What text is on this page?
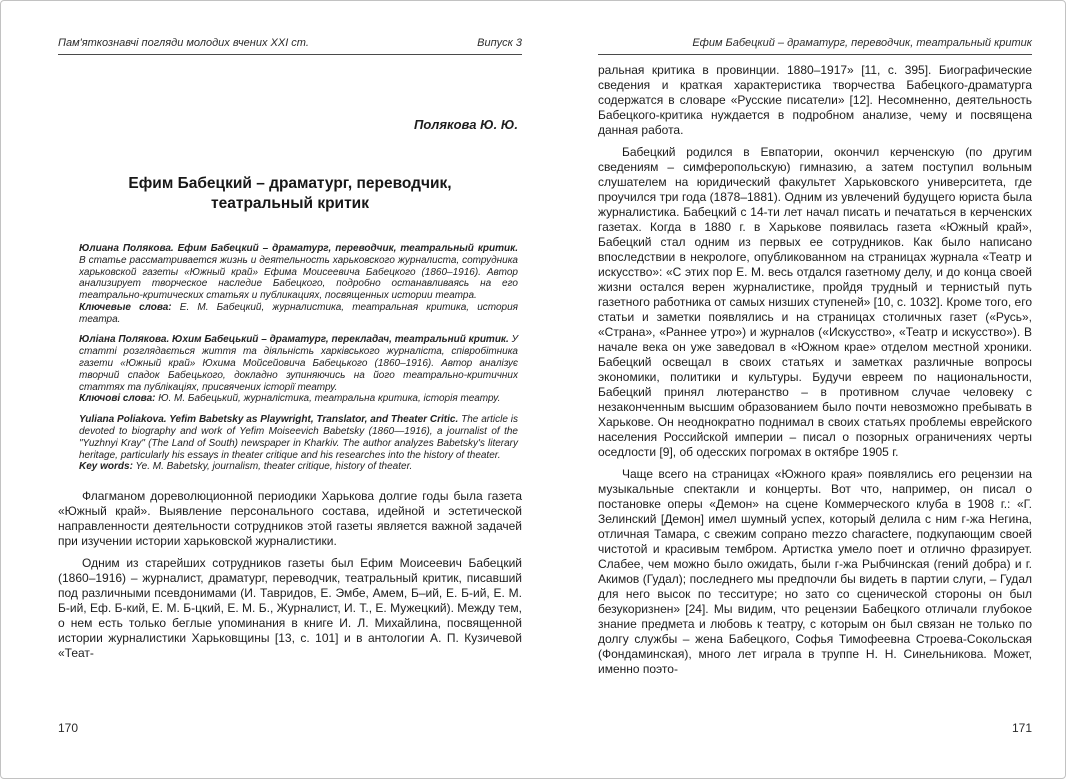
Пам'яткознавчі погляди молодих вчених XXI ст.	Випуск 3
Полякова Ю. Ю.
Ефим Бабецкий – драматург, переводчик, театральный критик

Юлиана Полякова. Ефим Бабецкий – драматург, переводчик, театральный критик. В статье рассматривается жизнь и деятельность харьковского журналиста, сотрудника харьковской газеты «Южный край» Ефима Моисеевича Бабецкого (1860–1916). Автор анализирует творческое наследие Бабецкого, подробно останавливаясь на его театрально-критических статьях и публикациях, посвященных истории театра.

Ключевые слова: Е. М. Бабецкий, журналистика, театральная критика, история театра.

Юліана Полякова. Юхим Бабецький – драматург, перекладач, театральний критик. У статті розглядається життя та діяльність харківського журналіста, співробітника газети «Южный край» Юхима Мойсейовича Бабецького (1860–1916). Автор аналізує творчий спадок Бабецького, докладно зупиняючись на його театрально-критичних статтях та публікаціях, присвячених історії театру.

Ключові слова: Ю. М. Бабецький, журналістика, театральна критика, історія театру.

Yuliana Poliakova. Yefim Babetsky as Playwright, Translator, and Theater Critic. The article is devoted to biography and work of Yefim Moiseevich Babetsky (1860—1916), a journalist of the "Yuzhnyi Kray" (The Land of South) newspaper in Kharkiv. The author analyzes Babetsky's literary heritage, particularly his essays in theater critique and his researches into the history of theater.

Key words: Ye. M. Babetsky, journalism, theater critique, history of theater.

Флагманом дореволюционной периодики Харькова долгие годы была газета «Южный край». Выявление персонального состава, идейной и эстетической направленности деятельности сотрудников этой газеты является важной задачей при изучении истории харьковской журналистики.

Одним из старейших сотрудников газеты был Ефим Моисеевич Бабецкий (1860–1916) – журналист, драматург, переводчик, театральный критик, писавший под различными псевдонимами (И. Тавридов, Е. Эмбе, Амем, Б–ий, Е. Б-ий, Е. М. Б-ий, Еф. Б-кий, Е. М. Б-цкий, Е. М. Б., Журналист, И. Т., Е. Мужецкий). Между тем, о нем есть только беглые упоминания в книге И. Л. Михайлина, посвященной истории журналистики Харьковщины [13, с. 101] и в антологии А. П. Кузичевой «Теат-

Ефим Бабецкий – драматург, переводчик, театральный критик

ральная критика в провинции. 1880–1917» [11, с. 395]. Биографические сведения и краткая характеристика творчества Бабецкого-драматурга содержатся в словаре «Русские писатели» [12]. Несомненно, деятельность Бабецкого-критика нуждается в подробном анализе, чему и посвящена данная работа.

Бабецкий родился в Евпатории, окончил керченскую (по другим сведениям – симферопольскую) гимназию, а затем поступил вольным слушателем на юридический факультет Харьковского университета, где проучился три года (1878–1881). Одним из увлечений будущего юриста была журналистика. Бабецкий с 14-ти лет начал писать и печататься в керченских газетах. Когда в 1880 г. в Харькове появилась газета «Южный край», Бабецкий стал одним из первых ее сотрудников. Как было написано впоследствии в некрологе, опубликованном на страницах журнала «Театр и искусство»: «С этих пор Е. М. весь отдался газетному делу, и до конца своей жизни остался верен журналистике, пройдя трудный и тернистый путь газетного работника от самых низших ступеней» [10, с. 1032]. Кроме того, его статьи и заметки появлялись и на страницах столичных газет («Русь», «Страна», «Раннее утро») и журналов («Искусство», «Театр и искусство»). В начале века он уже заведовал в «Южном крае» отделом местной хроники. Бабецкий освещал в своих статьях и заметках различные вопросы экономики, политики и культуры. Будучи евреем по национальности, Бабецкий принял лютеранство – в противном случае человеку с незаконченным высшим образованием было почти невозможно пребывать в Харькове. Он неоднократно поднимал в своих статьях проблемы еврейского населения Российской империи – писал о позорных ограничениях черты оседлости [9], об одесских погромах в октябре 1905 г.

Чаще всего на страницах «Южного края» появлялись его рецензии на музыкальные спектакли и концерты. Вот что, например, он писал о постановке оперы «Демон» на сцене Коммерческого клуба в 1908 г.: «Г. Зелинский [Демон] имел шумный успех, который делила с ним г-жа Негина, отличная Тамара, с свежим сопрано mezzo charactere, подкупающим своей чистотой и красивым тембром. Артистка умело поет и отлично фразирует. Слабее, чем можно было ожидать, были г-жа Рыбчинская (гений добра) и г. Акимов (Гудал); последнего мы предпочли бы видеть в партии слуги, – Гудал для него высок по тесситуре; но зато со сценической стороны он был безукоризнен» [24]. Мы видим, что рецензии Бабецкого отличали глубокое знание предмета и любовь к театру, с которым он был связан не только по долгу службы – жена Бабецкого, Софья Тимофеевна Строева-Сокольская (Фондаминская), много лет играла в труппе Н. Н. Синельникова. Может, именно поэто-

170	171
